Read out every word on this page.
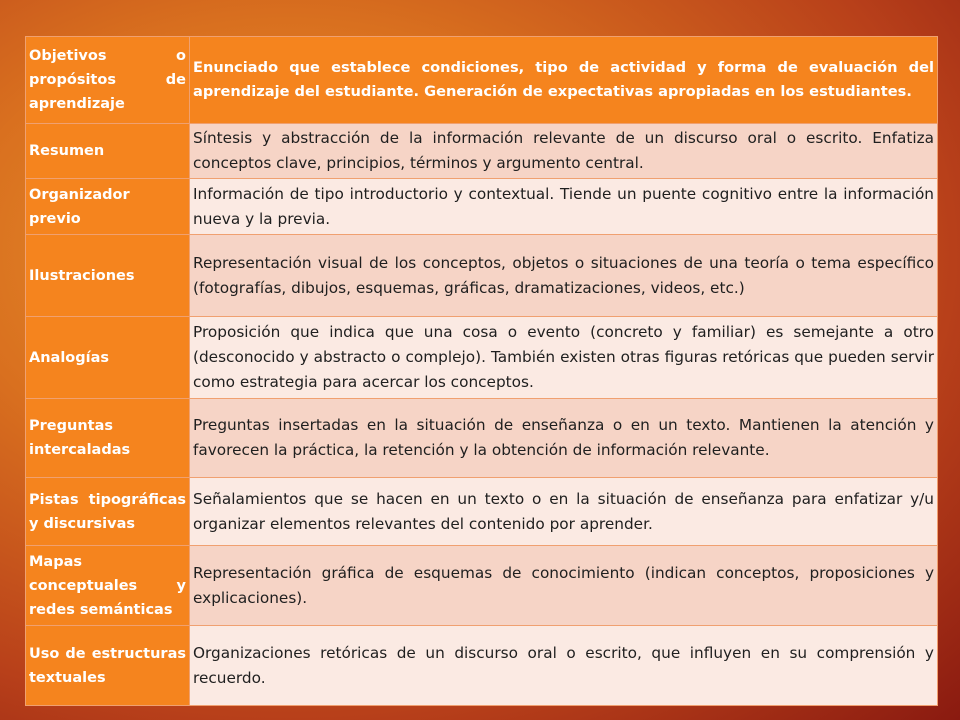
Objetivos o propósitos de aprendizaje	Enunciado que establece condiciones, tipo de actividad y forma de evaluación del aprendizaje del estudiante. Generación de expectativas apropiadas en los estudiantes.
Resumen	Síntesis y abstracción de la información relevante de un discurso oral o escrito. Enfatiza conceptos clave, principios, términos y argumento central.
Organizador previo	Información de tipo introductorio y contextual. Tiende un puente cognitivo entre la información nueva y la previa.
Ilustraciones	Representación visual de los conceptos, objetos o situaciones de una teoría o tema específico (fotografías, dibujos, esquemas, gráficas, dramatizaciones, videos, etc.)
Analogías	Proposición que indica que una cosa o evento (concreto y familiar) es semejante a otro (desconocido y abstracto o complejo). También existen otras figuras retóricas que pueden servir como estrategia para acercar los conceptos.
Preguntas intercaladas	Preguntas insertadas en la situación de enseñanza o en un texto. Mantienen la atención y favorecen la práctica, la retención y la obtención de información relevante.
Pistas tipográficas y discursivas	Señalamientos que se hacen en un texto o en la situación de enseñanza para enfatizar y/u organizar elementos relevantes del contenido por aprender.
Mapas conceptuales y redes semánticas	Representación gráfica de esquemas de conocimiento (indican conceptos, proposiciones y explicaciones).
Uso de estructuras textuales	Organizaciones retóricas de un discurso oral o escrito, que influyen en su comprensión y recuerdo.
